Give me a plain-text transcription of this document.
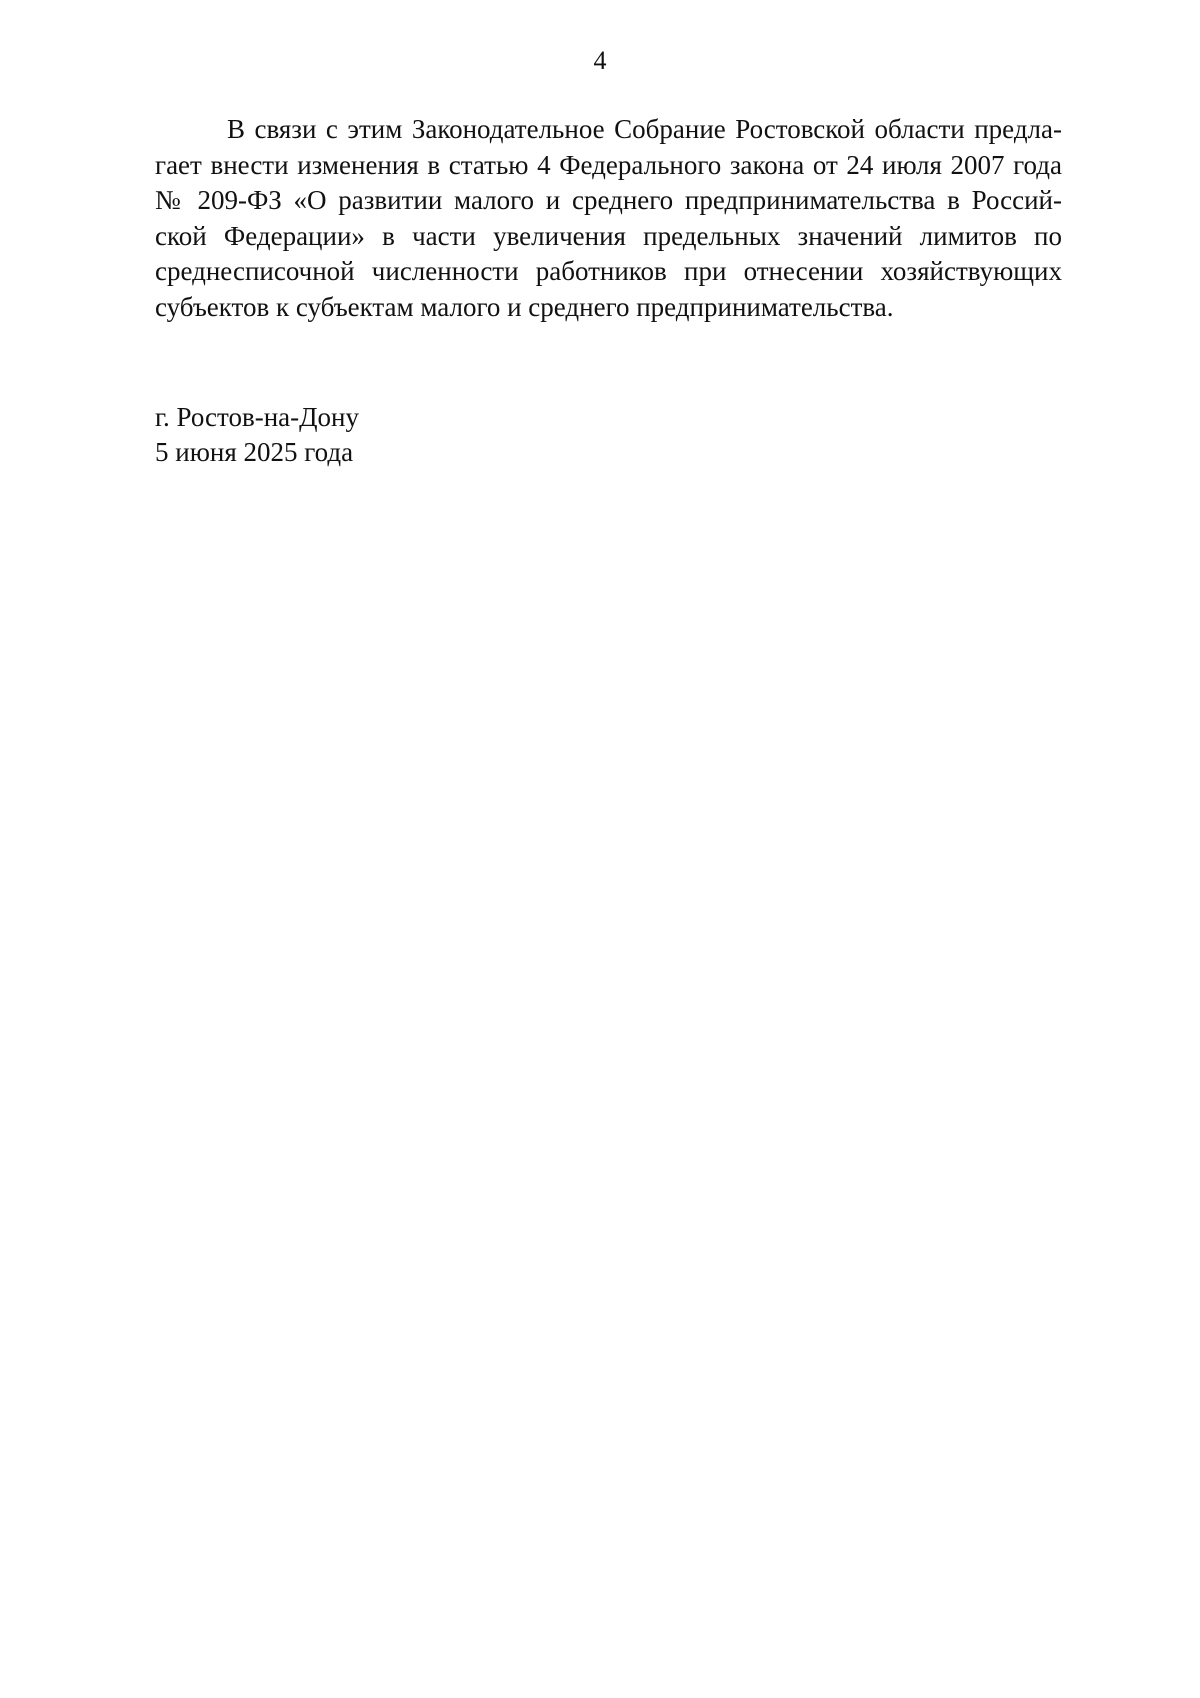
4
В связи с этим Законодательное Собрание Ростовской области предла-
гает внести изменения в статью 4 Федерального закона от 24 июля 2007 года
№ 209-ФЗ «О развитии малого и среднего предпринимательства в Россий-
ской Федерации» в части увеличения предельных значений лимитов по
среднесписочной численности работников при отнесении хозяйствующих
субъектов к субъектам малого и среднего предпринимательства.
г. Ростов-на-Дону
5 июня 2025 года
